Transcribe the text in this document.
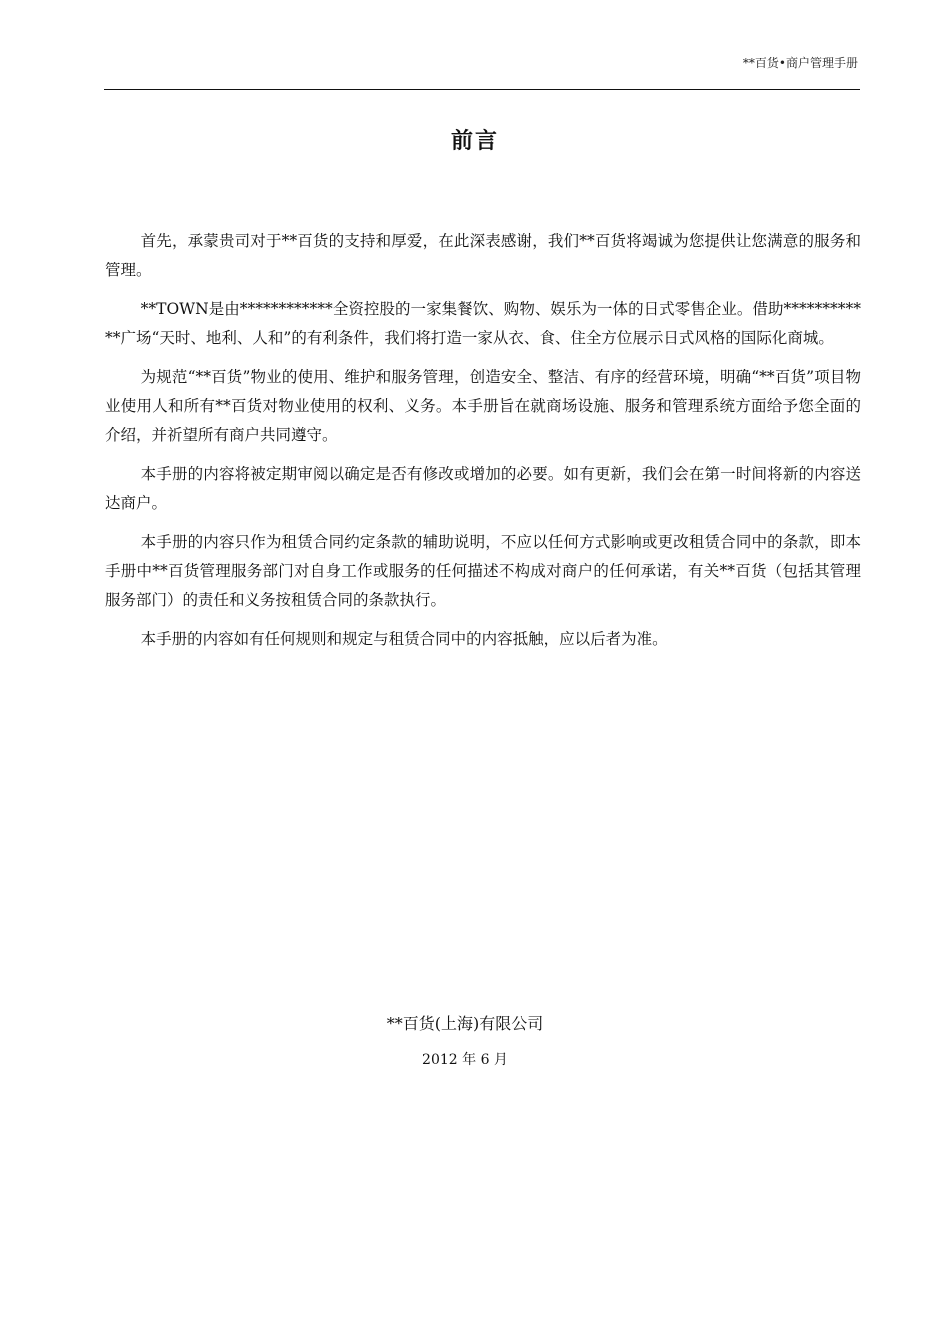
**百货•商户管理手册
前言

首先，承蒙贵司对于**百货的支持和厚爱，在此深表感谢，我们**百货将竭诚为您提供让您满意的服务和管理。

**TOWN是由************全资控股的一家集餐饮、购物、娱乐为一体的日式零售企业。借助************广场“天时、地利、人和”的有利条件，我们将打造一家从衣、食、住全方位展示日式风格的国际化商城。

为规范“**百货”物业的使用、维护和服务管理，创造安全、整洁、有序的经营环境，明确“**百货”项目物业使用人和所有**百货对物业使用的权利、义务。本手册旨在就商场设施、服务和管理系统方面给予您全面的介绍，并祈望所有商户共同遵守。

本手册的内容将被定期审阅以确定是否有修改或增加的必要。如有更新，我们会在第一时间将新的内容送达商户。

本手册的内容只作为租赁合同约定条款的辅助说明，不应以任何方式影响或更改租赁合同中的条款，即本手册中**百货管理服务部门对自身工作或服务的任何描述不构成对商户的任何承诺，有关**百货（包括其管理服务部门）的责任和义务按租赁合同的条款执行。

本手册的内容如有任何规则和规定与租赁合同中的内容抵触，应以后者为准。

**百货(上海)有限公司
2012 年 6 月
